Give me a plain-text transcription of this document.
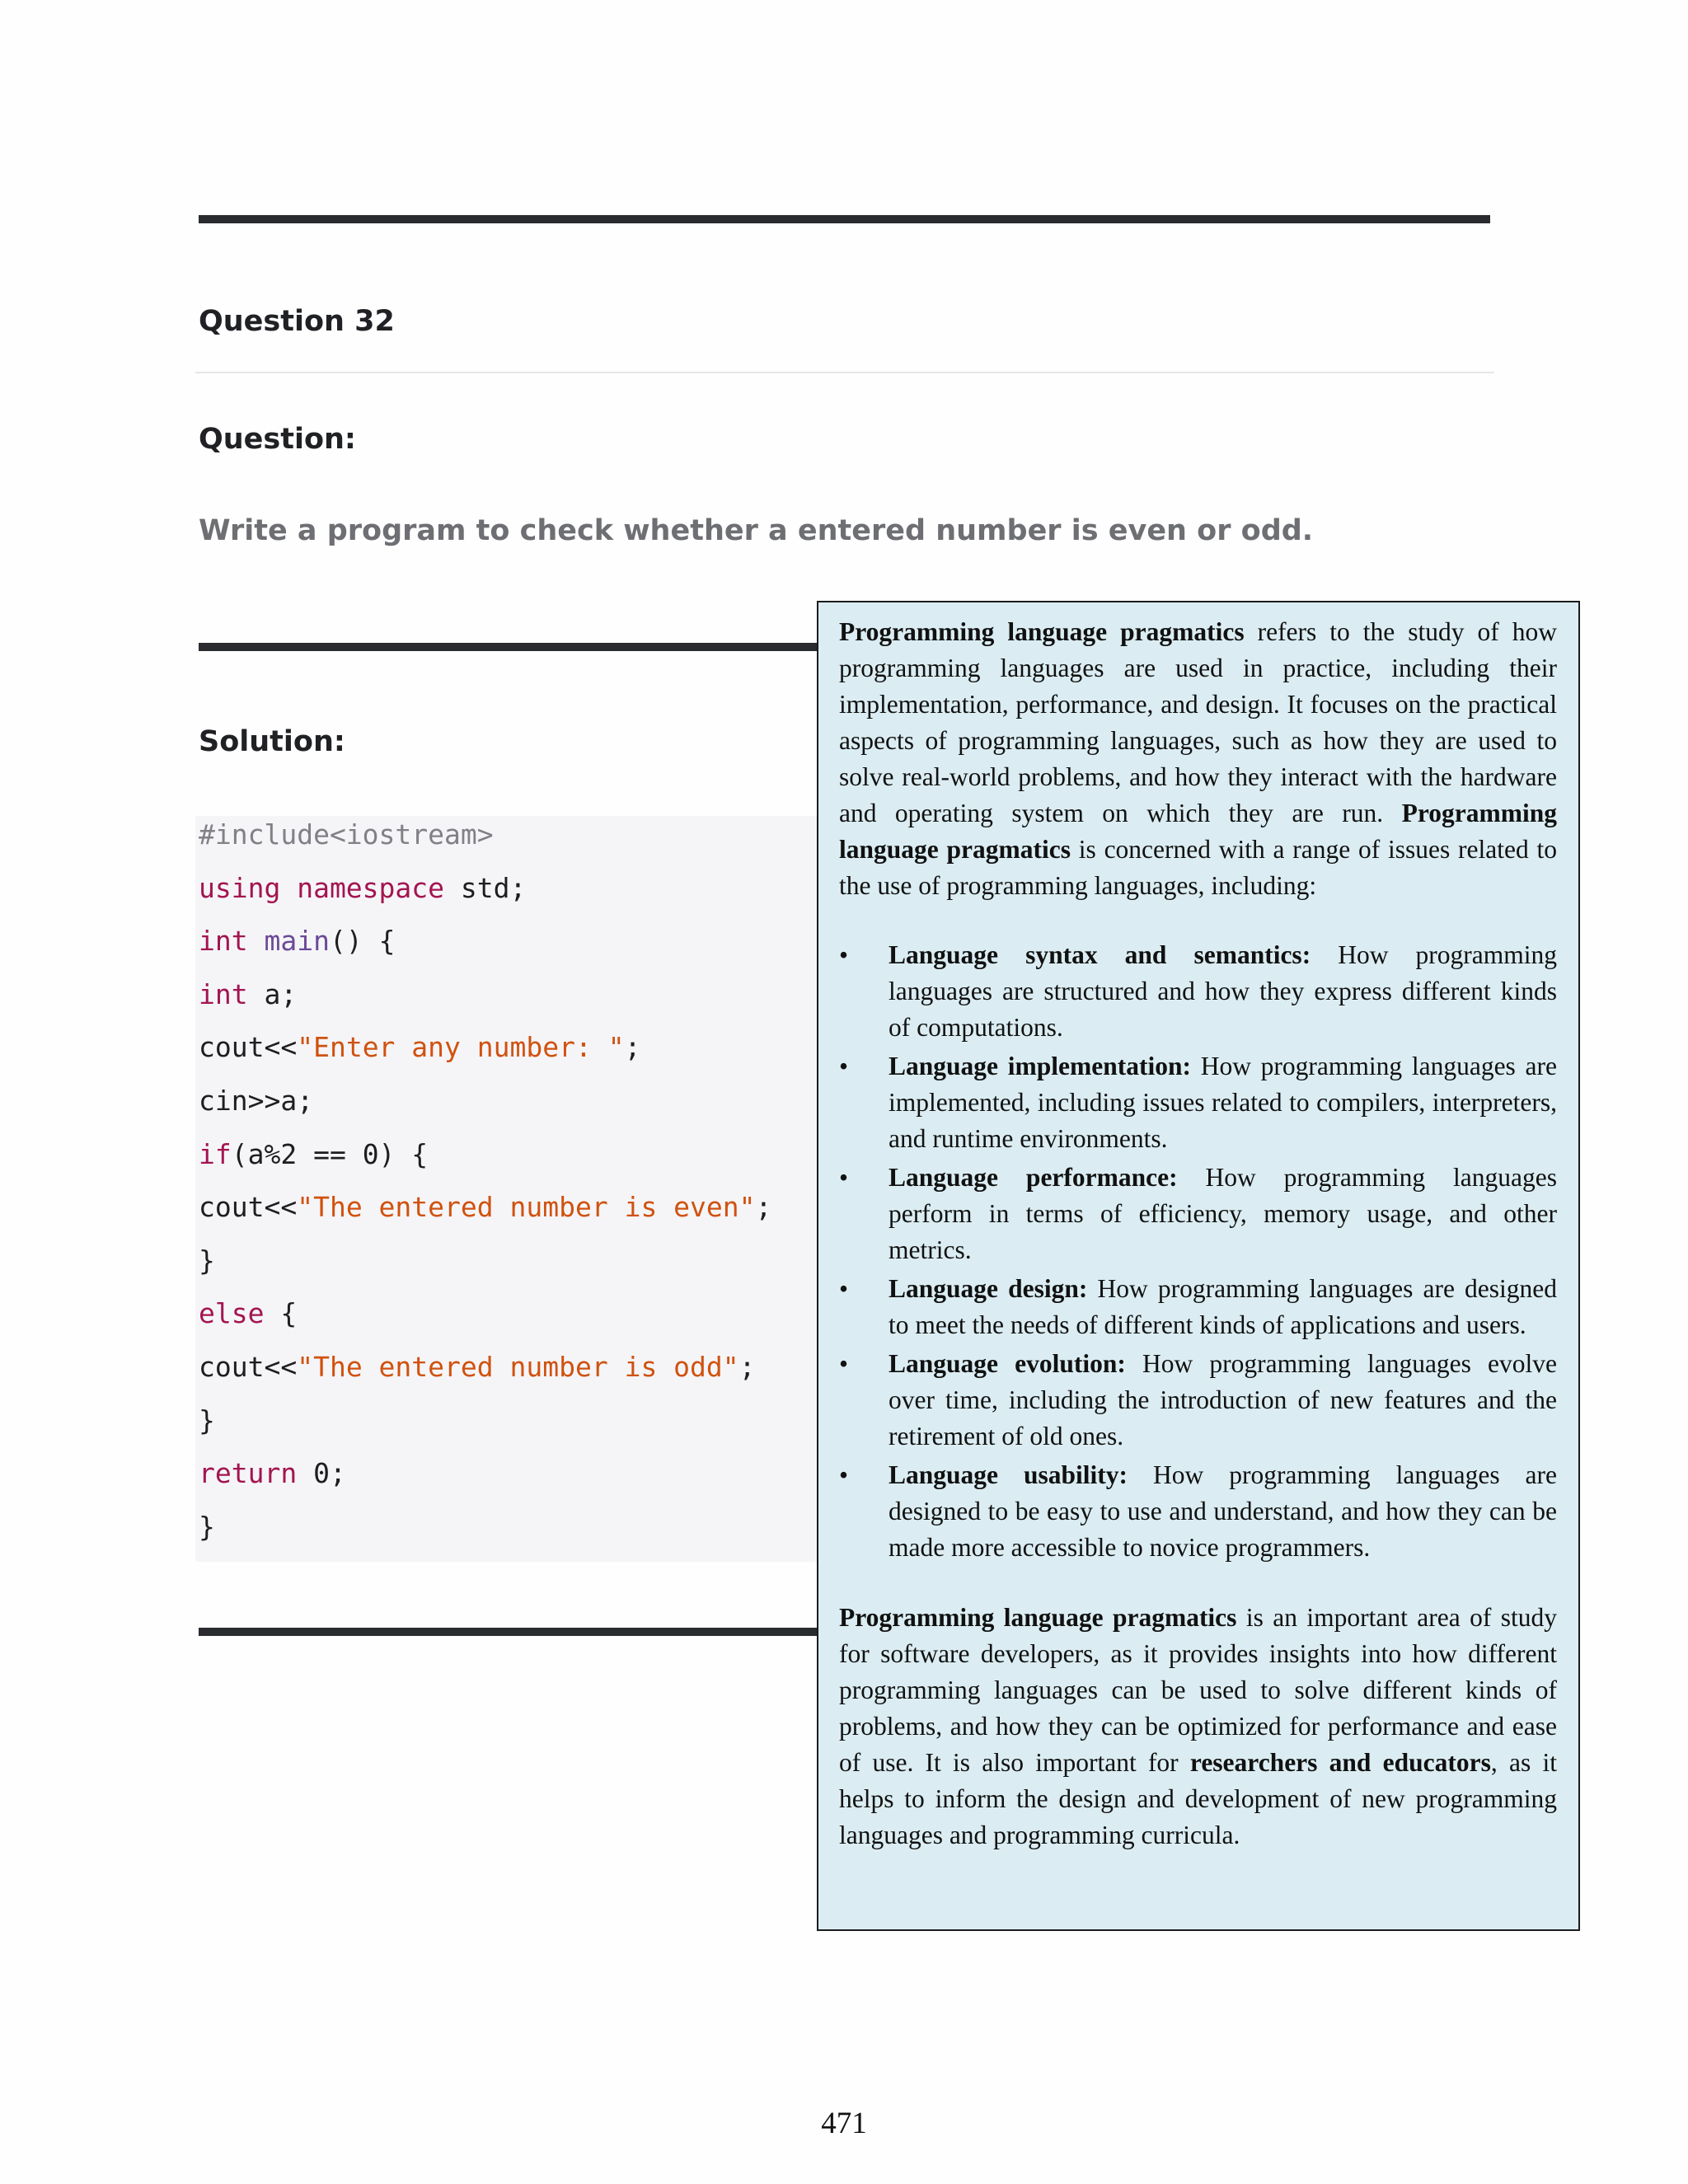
Question 32
Question:

Write a program to check whether a entered number is even or odd.

Solution:
#include<iostream>
using namespace std;
int main() {
int a;
cout<<"Enter any number: ";
cin>>a;
if(a%2 == 0) {
cout<<"The entered number is even";
}
else {
cout<<"The entered number is odd";
}
return 0;
}

Programming language pragmatics refers to the study of how programming languages are used in practice, including their implementation, performance, and design. It focuses on the practical aspects of programming languages, such as how they are used to solve real-world problems, and how they interact with the hardware and operating system on which they are run. Programming language pragmatics is concerned with a range of issues related to the use of programming languages, including:

• Language syntax and semantics: How programming languages are structured and how they express different kinds of computations.
• Language implementation: How programming languages are implemented, including issues related to compilers, interpreters, and runtime environments.
• Language performance: How programming languages perform in terms of efficiency, memory usage, and other metrics.
• Language design: How programming languages are designed to meet the needs of different kinds of applications and users.
• Language evolution: How programming languages evolve over time, including the introduction of new features and the retirement of old ones.
• Language usability: How programming languages are designed to be easy to use and understand, and how they can be made more accessible to novice programmers.

Programming language pragmatics is an important area of study for software developers, as it provides insights into how different programming languages can be used to solve different kinds of problems, and how they can be optimized for performance and ease of use. It is also important for researchers and educators, as it helps to inform the design and development of new programming languages and programming curricula.

471
